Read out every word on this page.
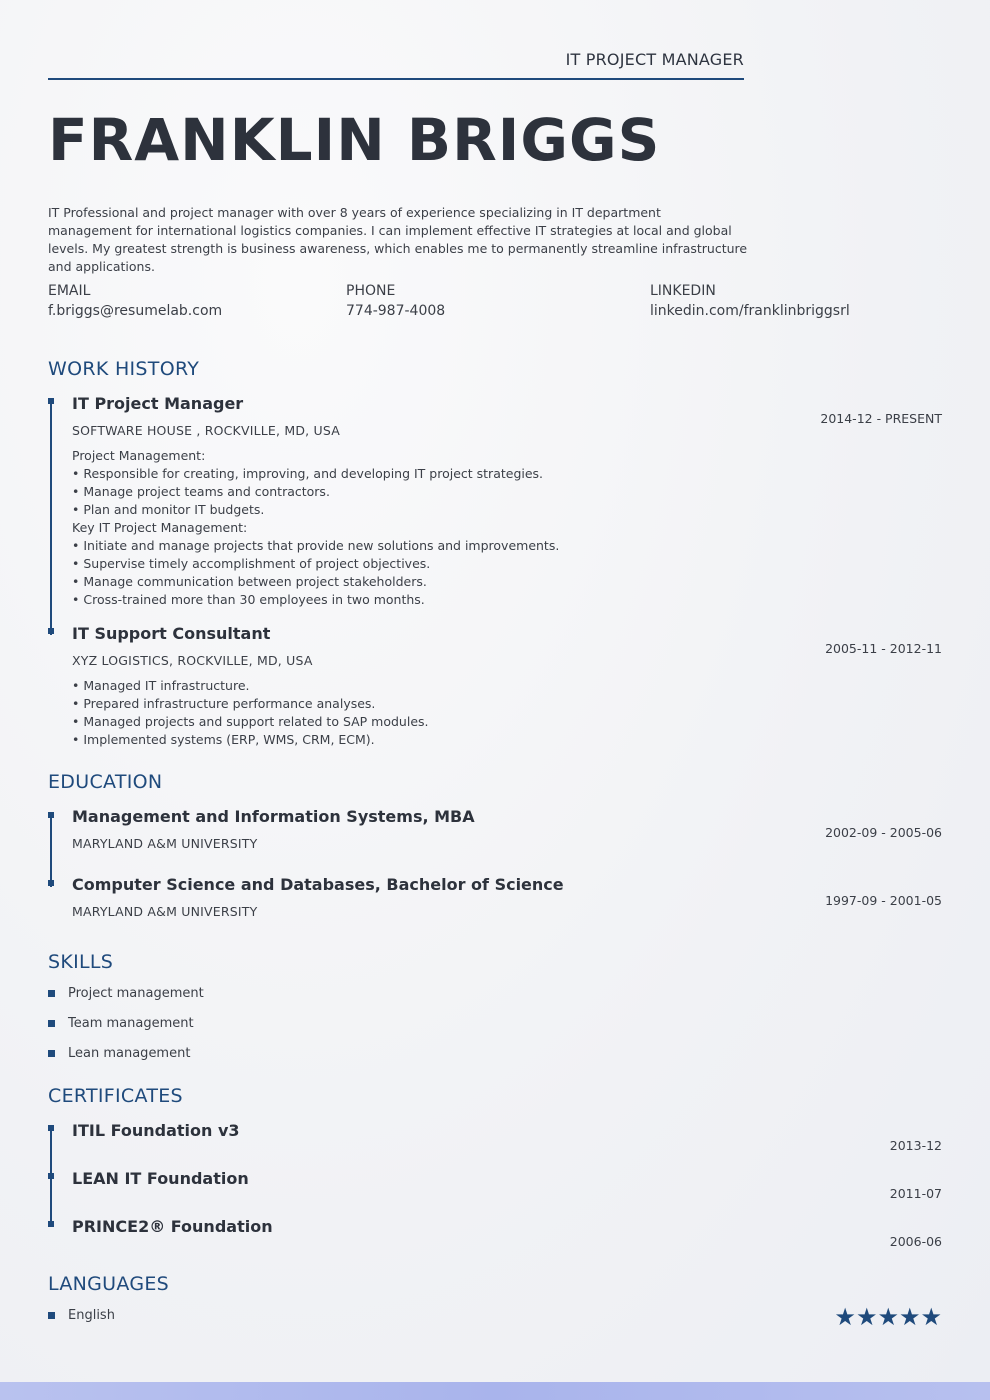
IT PROJECT MANAGER
FRANKLIN BRIGGS
IT Professional and project manager with over 8 years of experience specializing in IT department management for international logistics companies. I can implement effective IT strategies at local and global levels. My greatest strength is business awareness, which enables me to permanently streamline infrastructure and applications.
EMAIL
f.briggs@resumelab.com
PHONE
774-987-4008
LINKEDIN
linkedin.com/franklinbriggsrl
WORK HISTORY
IT Project Manager
2014-12 - PRESENT
SOFTWARE HOUSE , ROCKVILLE, MD, USA
Project Management:
• Responsible for creating, improving, and developing IT project strategies.
• Manage project teams and contractors.
• Plan and monitor IT budgets.
Key IT Project Management:
• Initiate and manage projects that provide new solutions and improvements.
• Supervise timely accomplishment of project objectives.
• Manage communication between project stakeholders.
• Cross-trained more than 30 employees in two months.
IT Support Consultant
2005-11 - 2012-11
XYZ LOGISTICS, ROCKVILLE, MD, USA
• Managed IT infrastructure.
• Prepared infrastructure performance analyses.
• Managed projects and support related to SAP modules.
• Implemented systems (ERP, WMS, CRM, ECM).
EDUCATION
Management and Information Systems, MBA
2002-09 - 2005-06
MARYLAND A&M UNIVERSITY
Computer Science and Databases, Bachelor of Science
1997-09 - 2001-05
MARYLAND A&M UNIVERSITY
SKILLS
Project management
Team management
Lean management
CERTIFICATES
ITIL Foundation v3
2013-12
LEAN IT Foundation
2011-07
PRINCE2® Foundation
2006-06
LANGUAGES
English	★★★★★
